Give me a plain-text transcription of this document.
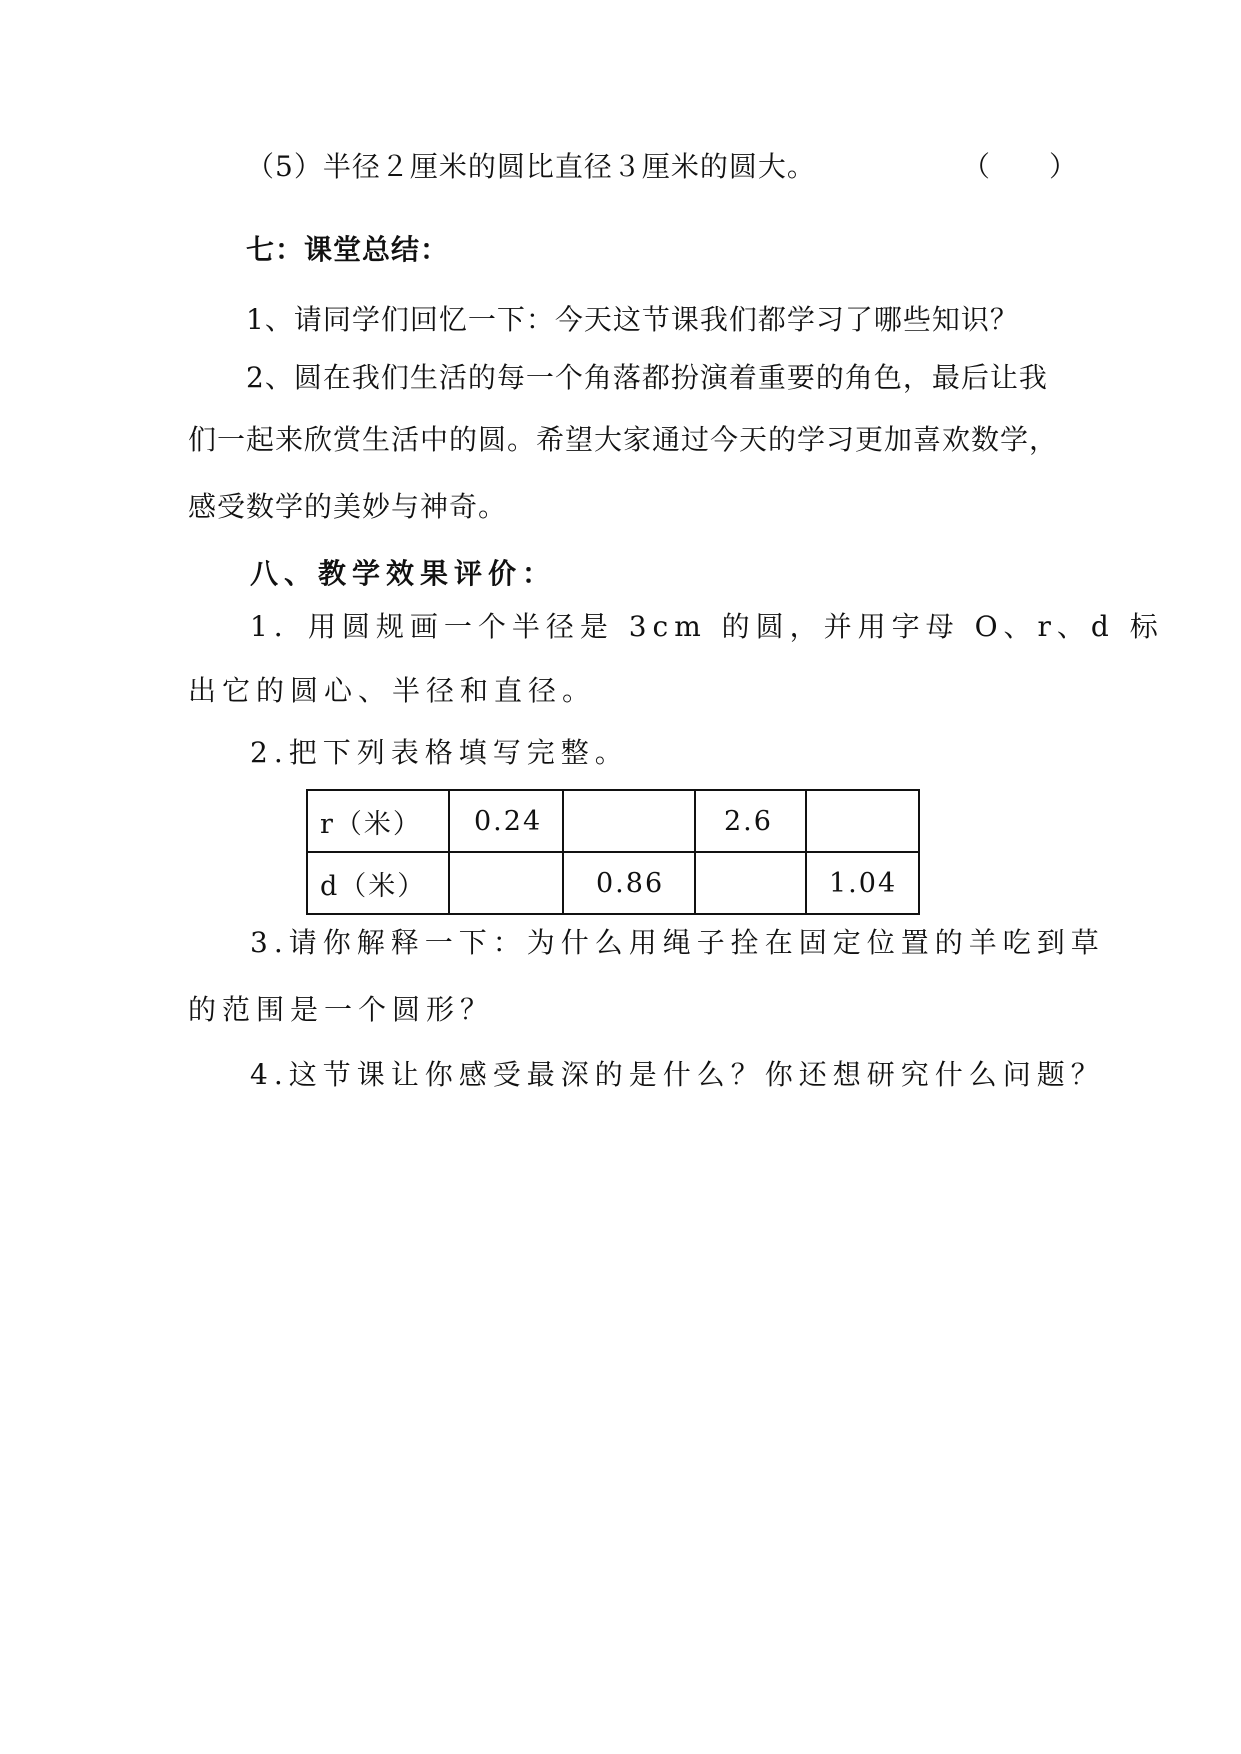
（5）半径２厘米的圆比直径３厘米的圆大。	（　　）
七：课堂总结：
1、请同学们回忆一下：今天这节课我们都学习了哪些知识？
2、圆在我们生活的每一个角落都扮演着重要的角色，最后让我
们一起来欣赏生活中的圆。希望大家通过今天的学习更加喜欢数学，
感受数学的美妙与神奇。
八、教学效果评价：
1．用圆规画一个半径是 3cm 的圆，并用字母 O、r、d 标
出它的圆心、半径和直径。
2.把下列表格填写完整。
r（米）	0.24		2.6	
d（米）		0.86		1.04
3.请你解释一下：为什么用绳子拴在固定位置的羊吃到草
的范围是一个圆形？
4.这节课让你感受最深的是什么？你还想研究什么问题？
